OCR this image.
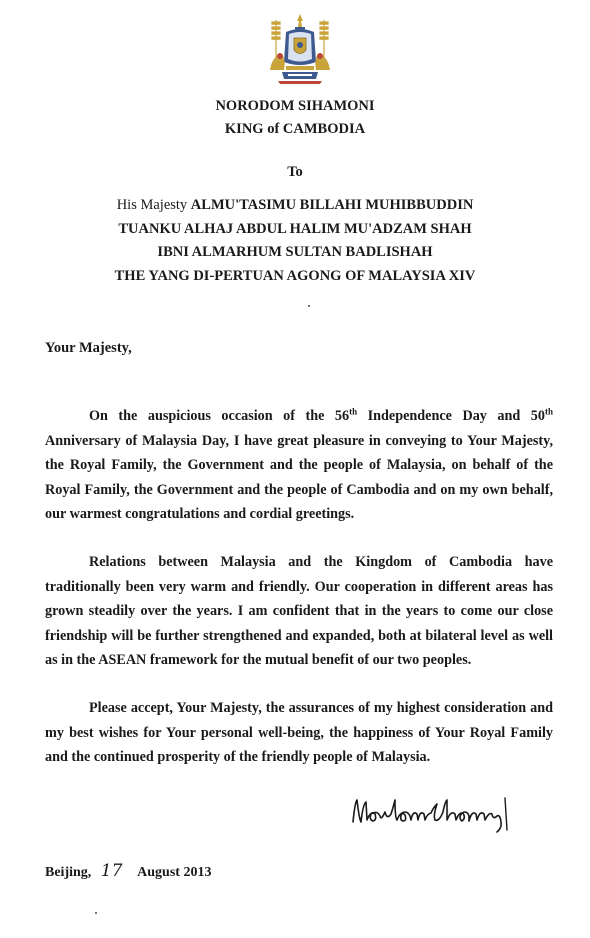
NORODOM SIHAMONI
KING of CAMBODIA
To
His Majesty ALMU'TASIMU BILLAHI MUHIBBUDDIN
TUANKU ALHAJ ABDUL HALIM MU'ADZAM SHAH
IBNI ALMARHUM SULTAN BADLISHAH
THE YANG DI-PERTUAN AGONG OF MALAYSIA XIV
Your Majesty,
On the auspicious occasion of the 56th Independence Day and 50th Anniversary of Malaysia Day, I have great pleasure in conveying to Your Majesty, the Royal Family, the Government and the people of Malaysia, on behalf of the Royal Family, the Government and the people of Cambodia and on my own behalf, our warmest congratulations and cordial greetings.
Relations between Malaysia and the Kingdom of Cambodia have traditionally been very warm and friendly. Our cooperation in different areas has grown steadily over the years. I am confident that in the years to come our close friendship will be further strengthened and expanded, both at bilateral level as well as in the ASEAN framework for the mutual benefit of our two peoples.
Please accept, Your Majesty, the assurances of my highest consideration and my best wishes for Your personal well-being, the happiness of Your Royal Family and the continued prosperity of the friendly people of Malaysia.
Beijing, 17 August 2013
